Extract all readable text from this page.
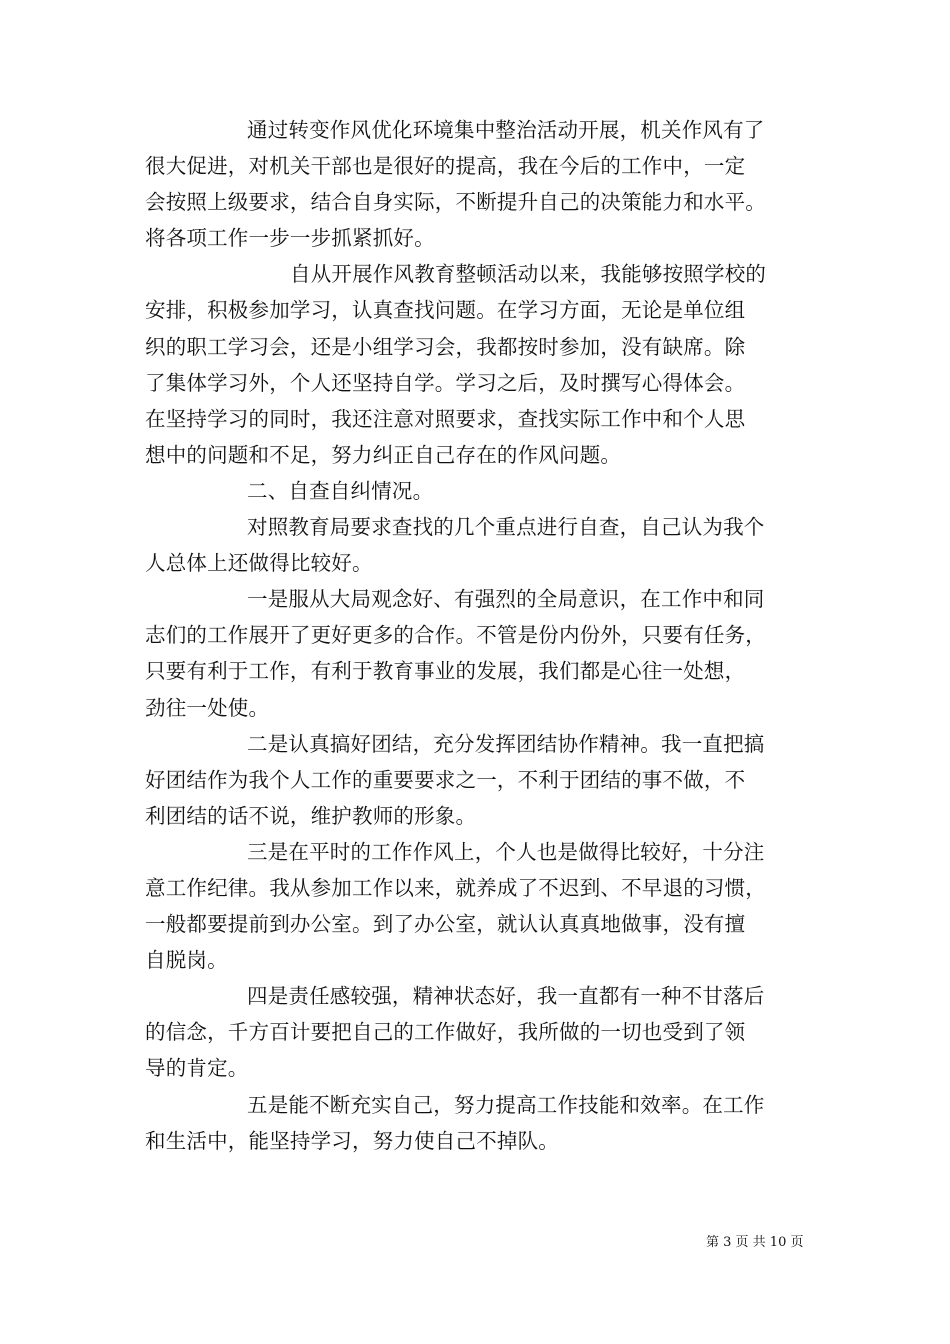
通过转变作风优化环境集中整治活动开展，机关作风有了
很大促进，对机关干部也是很好的提高，我在今后的工作中，一定
会按照上级要求，结合自身实际，不断提升自己的决策能力和水平。
将各项工作一步一步抓紧抓好。

自从开展作风教育整顿活动以来，我能够按照学校的
安排，积极参加学习，认真查找问题。在学习方面，无论是单位组
织的职工学习会，还是小组学习会，我都按时参加，没有缺席。除
了集体学习外，个人还坚持自学。学习之后，及时撰写心得体会。
在坚持学习的同时，我还注意对照要求，查找实际工作中和个人思
想中的问题和不足，努力纠正自己存在的作风问题。

二、自查自纠情况。

对照教育局要求查找的几个重点进行自查，自己认为我个
人总体上还做得比较好。

一是服从大局观念好、有强烈的全局意识，在工作中和同
志们的工作展开了更好更多的合作。不管是份内份外，只要有任务，
只要有利于工作，有利于教育事业的发展，我们都是心往一处想，
劲往一处使。

二是认真搞好团结，充分发挥团结协作精神。我一直把搞
好团结作为我个人工作的重要要求之一，不利于团结的事不做，不
利团结的话不说，维护教师的形象。

三是在平时的工作作风上，个人也是做得比较好，十分注
意工作纪律。我从参加工作以来，就养成了不迟到、不早退的习惯，
一般都要提前到办公室。到了办公室，就认认真真地做事，没有擅
自脱岗。

四是责任感较强，精神状态好，我一直都有一种不甘落后
的信念，千方百计要把自己的工作做好，我所做的一切也受到了领
导的肯定。

五是能不断充实自己，努力提高工作技能和效率。在工作
和生活中，能坚持学习，努力使自己不掉队。

第 3 页 共 10 页
